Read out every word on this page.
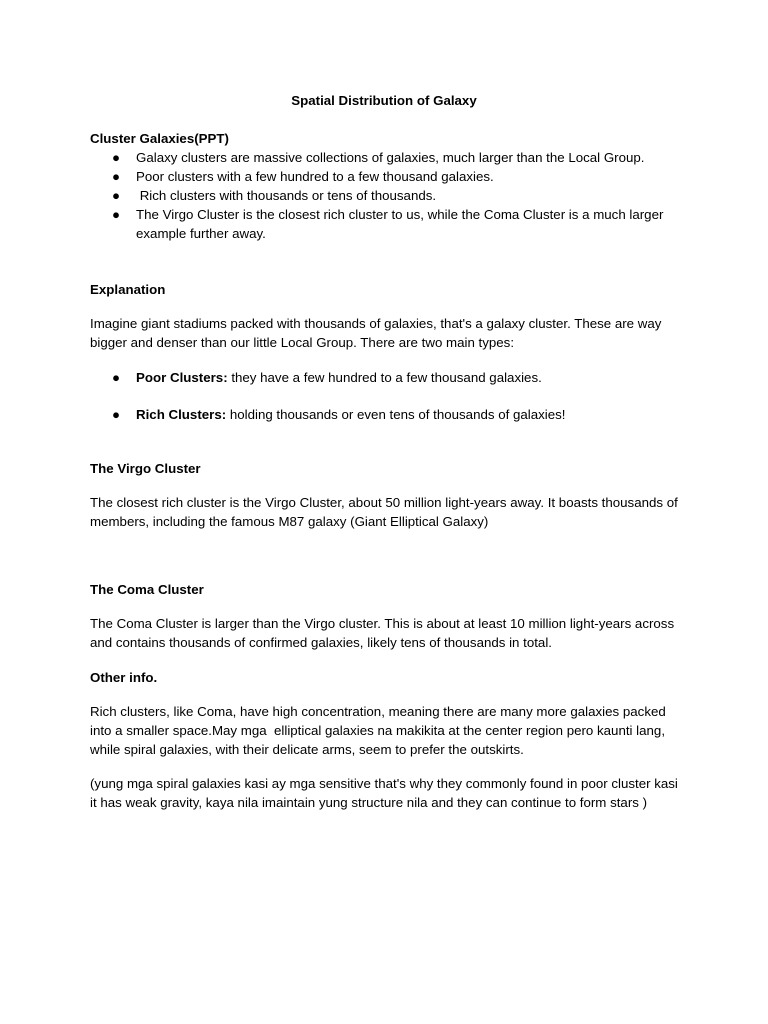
Spatial Distribution of Galaxy

Cluster Galaxies(PPT)

● Galaxy clusters are massive collections of galaxies, much larger than the Local Group.
● Poor clusters with a few hundred to a few thousand galaxies.
● Rich clusters with thousands or tens of thousands.
● The Virgo Cluster is the closest rich cluster to us, while the Coma Cluster is a much larger example further away.

Explanation

Imagine giant stadiums packed with thousands of galaxies, that's a galaxy cluster. These are way bigger and denser than our little Local Group. There are two main types:

● Poor Clusters: they have a few hundred to a few thousand galaxies.
● Rich Clusters: holding thousands or even tens of thousands of galaxies!

The Virgo Cluster

The closest rich cluster is the Virgo Cluster, about 50 million light-years away. It boasts thousands of members, including the famous M87 galaxy (Giant Elliptical Galaxy)

The Coma Cluster

The Coma Cluster is larger than the Virgo cluster. This is about at least 10 million light-years across and contains thousands of confirmed galaxies, likely tens of thousands in total.

Other info.

Rich clusters, like Coma, have high concentration, meaning there are many more galaxies packed into a smaller space.May mga  elliptical galaxies na makikita at the center region pero kaunti lang, while spiral galaxies, with their delicate arms, seem to prefer the outskirts.

(yung mga spiral galaxies kasi ay mga sensitive that's why they commonly found in poor cluster kasi it has weak gravity, kaya nila imaintain yung structure nila and they can continue to form stars )
